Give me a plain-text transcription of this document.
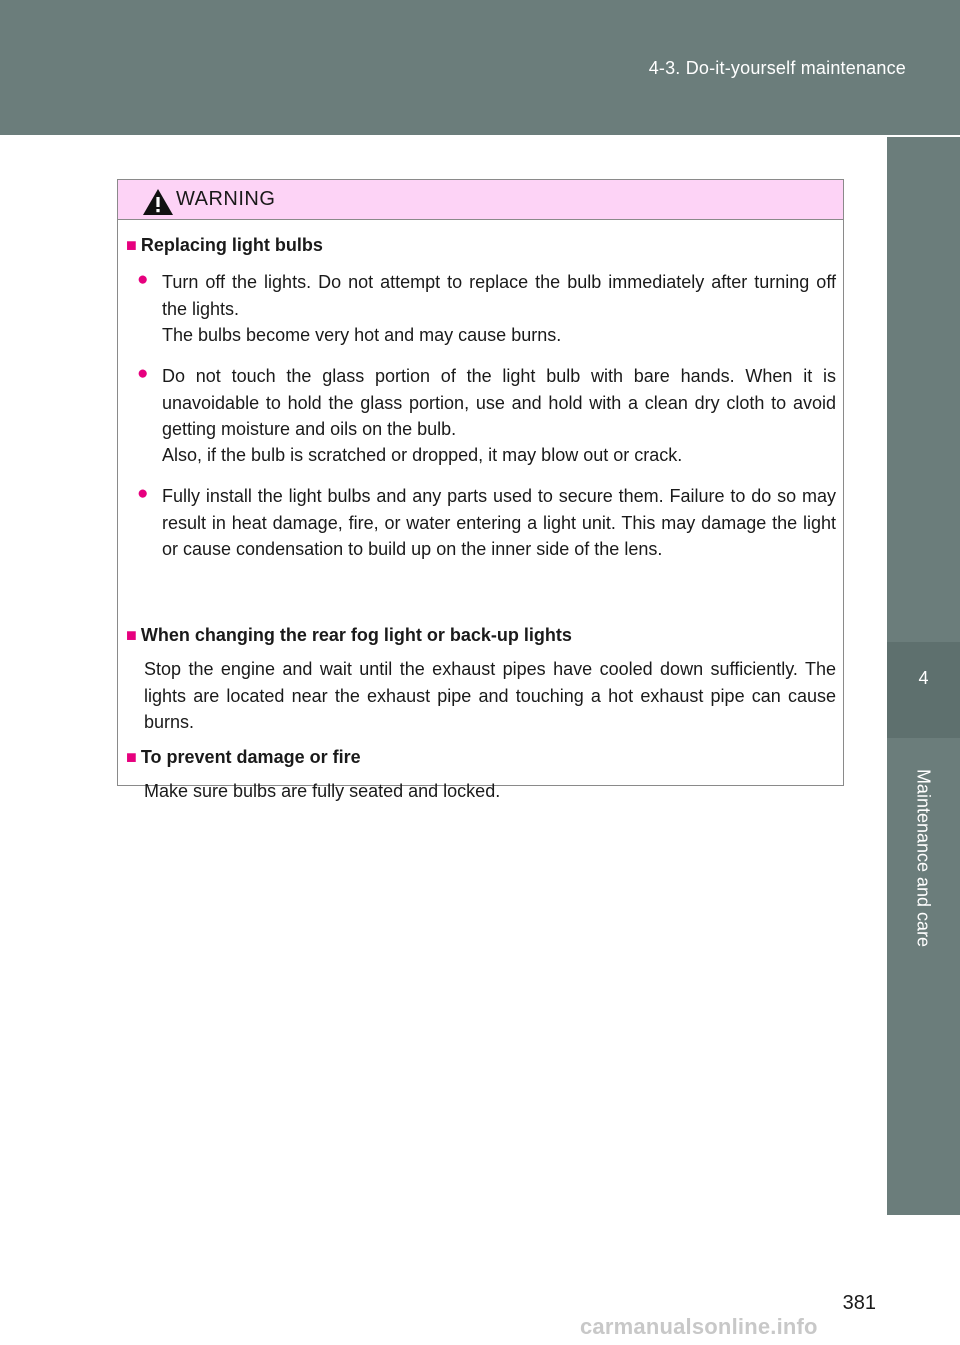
4-3. Do-it-yourself maintenance
4
Maintenance and care
WARNING
■ Replacing light bulbs
● Turn off the lights. Do not attempt to replace the bulb immediately after turning off the lights.
The bulbs become very hot and may cause burns.
● Do not touch the glass portion of the light bulb with bare hands. When it is unavoidable to hold the glass portion, use and hold with a clean dry cloth to avoid getting moisture and oils on the bulb.
Also, if the bulb is scratched or dropped, it may blow out or crack.
● Fully install the light bulbs and any parts used to secure them. Failure to do so may result in heat damage, fire, or water entering a light unit. This may damage the light or cause condensation to build up on the inner side of the lens.
■ When changing the rear fog light or back-up lights
Stop the engine and wait until the exhaust pipes have cooled down sufficiently. The lights are located near the exhaust pipe and touching a hot exhaust pipe can cause burns.
■ To prevent damage or fire
Make sure bulbs are fully seated and locked.
381
carmanualsonline.info
